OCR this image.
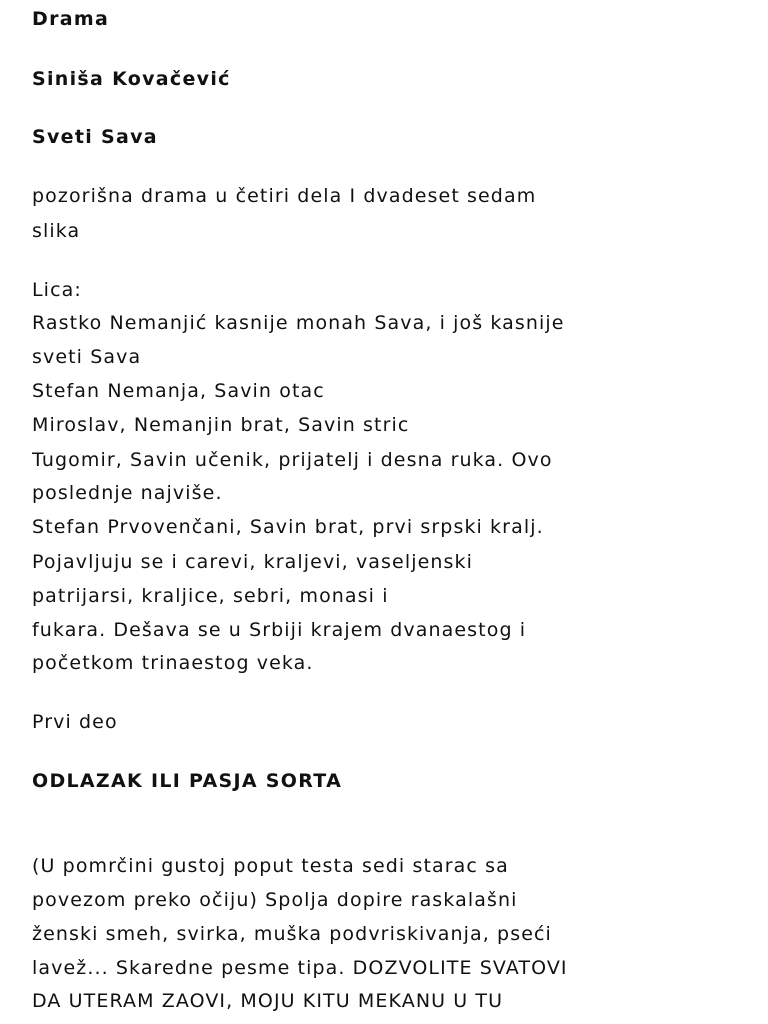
Drama
Siniša Kovačević
Sveti Sava
pozorišna drama u četiri dela I dvadeset sedam
slika
Lica:
Rastko Nemanjić kasnije monah Sava, i još kasnije
sveti Sava
Stefan Nemanja, Savin otac
Miroslav, Nemanjin brat, Savin stric
Tugomir, Savin učenik, prijatelj i desna ruka. Ovo
poslednje najviše.
Stefan Prvovenčani, Savin brat, prvi srpski kralj.
Pojavljuju se i carevi, kraljevi, vaseljenski
patrijarsi, kraljice, sebri, monasi i
fukara. Dešava se u Srbiji krajem dvanaestog i
početkom trinaestog veka.
Prvi deo
ODLAZAK ILI PASJA SORTA
(U pomrčini gustoj poput testa sedi starac sa
povezom preko očiju) Spolja dopire raskalašni
ženski smeh, svirka, muška podvriskivanja, pseći
lavež... Skaredne pesme tipa. DOZVOLITE SVATOVI
DA UTERAM ZAOVI, MOJU KITU MEKANU U TU
